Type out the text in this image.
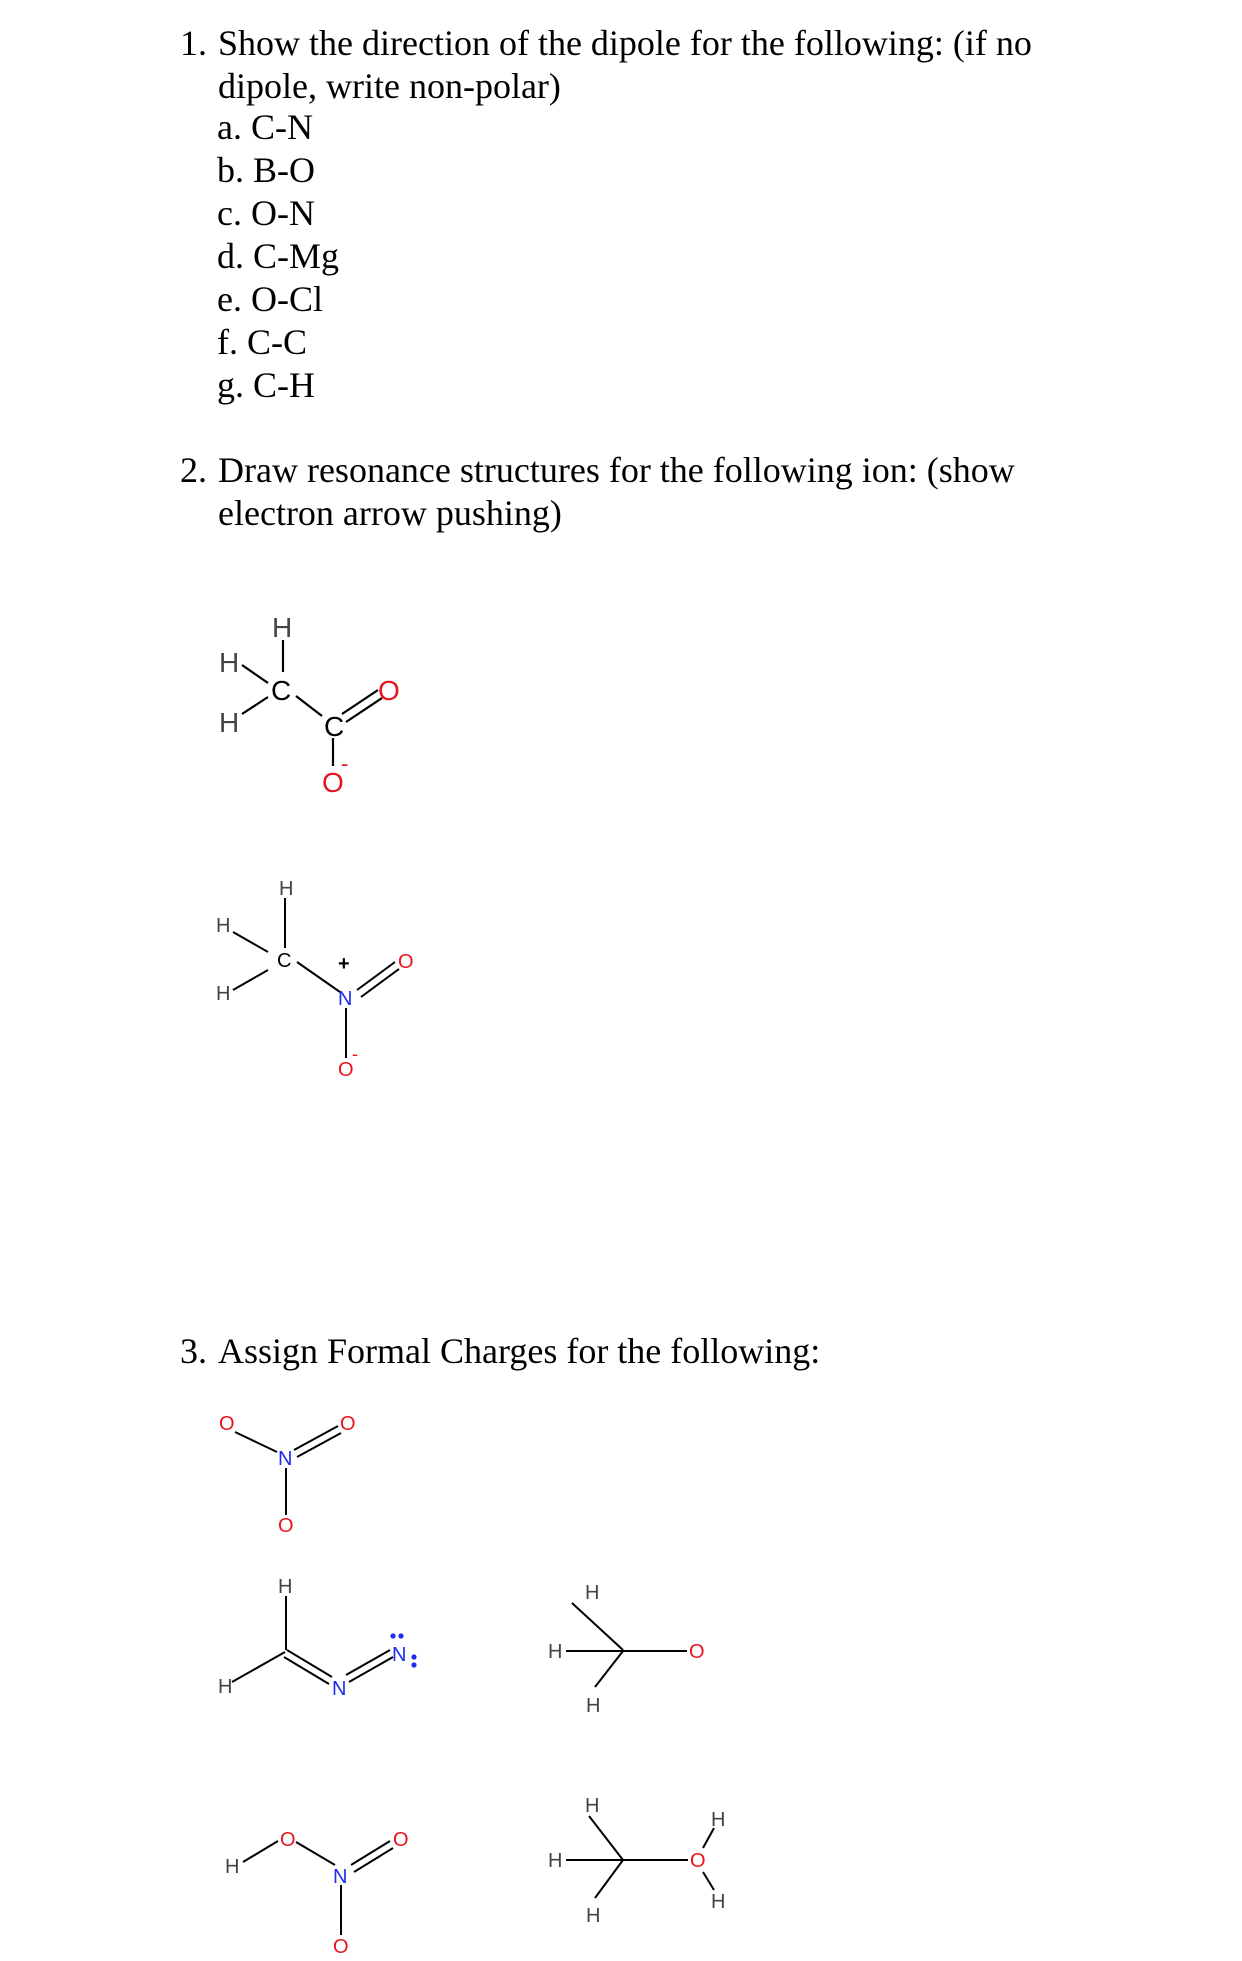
1. Show the direction of the dipole for the following: (if no dipole, write non-polar)
a. C-N
b. B-O
c. O-N
d. C-Mg
e. O-Cl
f. C-C
g. C-H
2. Draw resonance structures for the following ion: (show electron arrow pushing)
3. Assign Formal Charges for the following:
H
H
H
C
C
O
O
-
H
H
H
C
N
+ O
O
-
O	O
N
O
H
H	N
N
H
H
H
O
H
O
N
O
O
H
H
H
O
H
H
